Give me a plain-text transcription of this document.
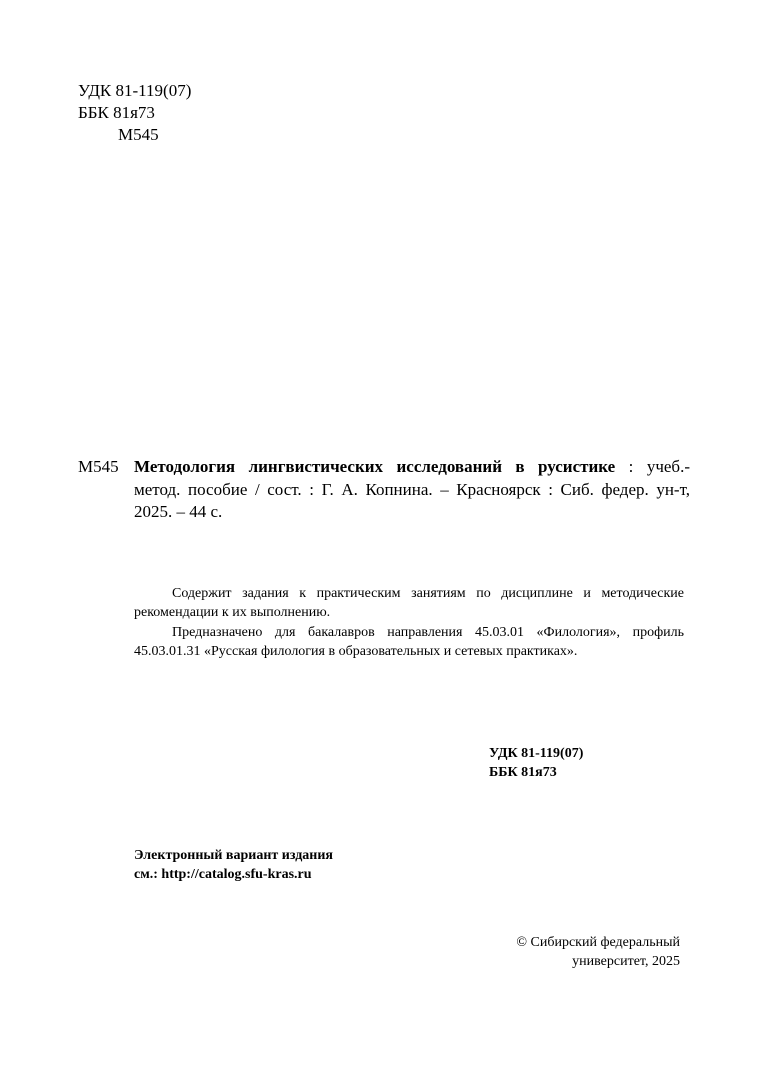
УДК 81-119(07)
ББК 81я73
М545
М545 Методология лингвистических исследований в русистике : учеб.-
метод. пособие / сост. : Г. А. Копнина. – Красноярск : Сиб. федер. ун-т,
2025. – 44 с.
Содержит задания к практическим занятиям по дисциплине и методические
рекомендации к их выполнению.
Предназначено для бакалавров направления 45.03.01 «Филология», профиль
45.03.01.31 «Русская филология в образовательных и сетевых практиках».
УДК 81-119(07)
ББК 81я73
Электронный вариант издания
см.: http://catalog.sfu-kras.ru
© Сибирский федеральный
университет, 2025
